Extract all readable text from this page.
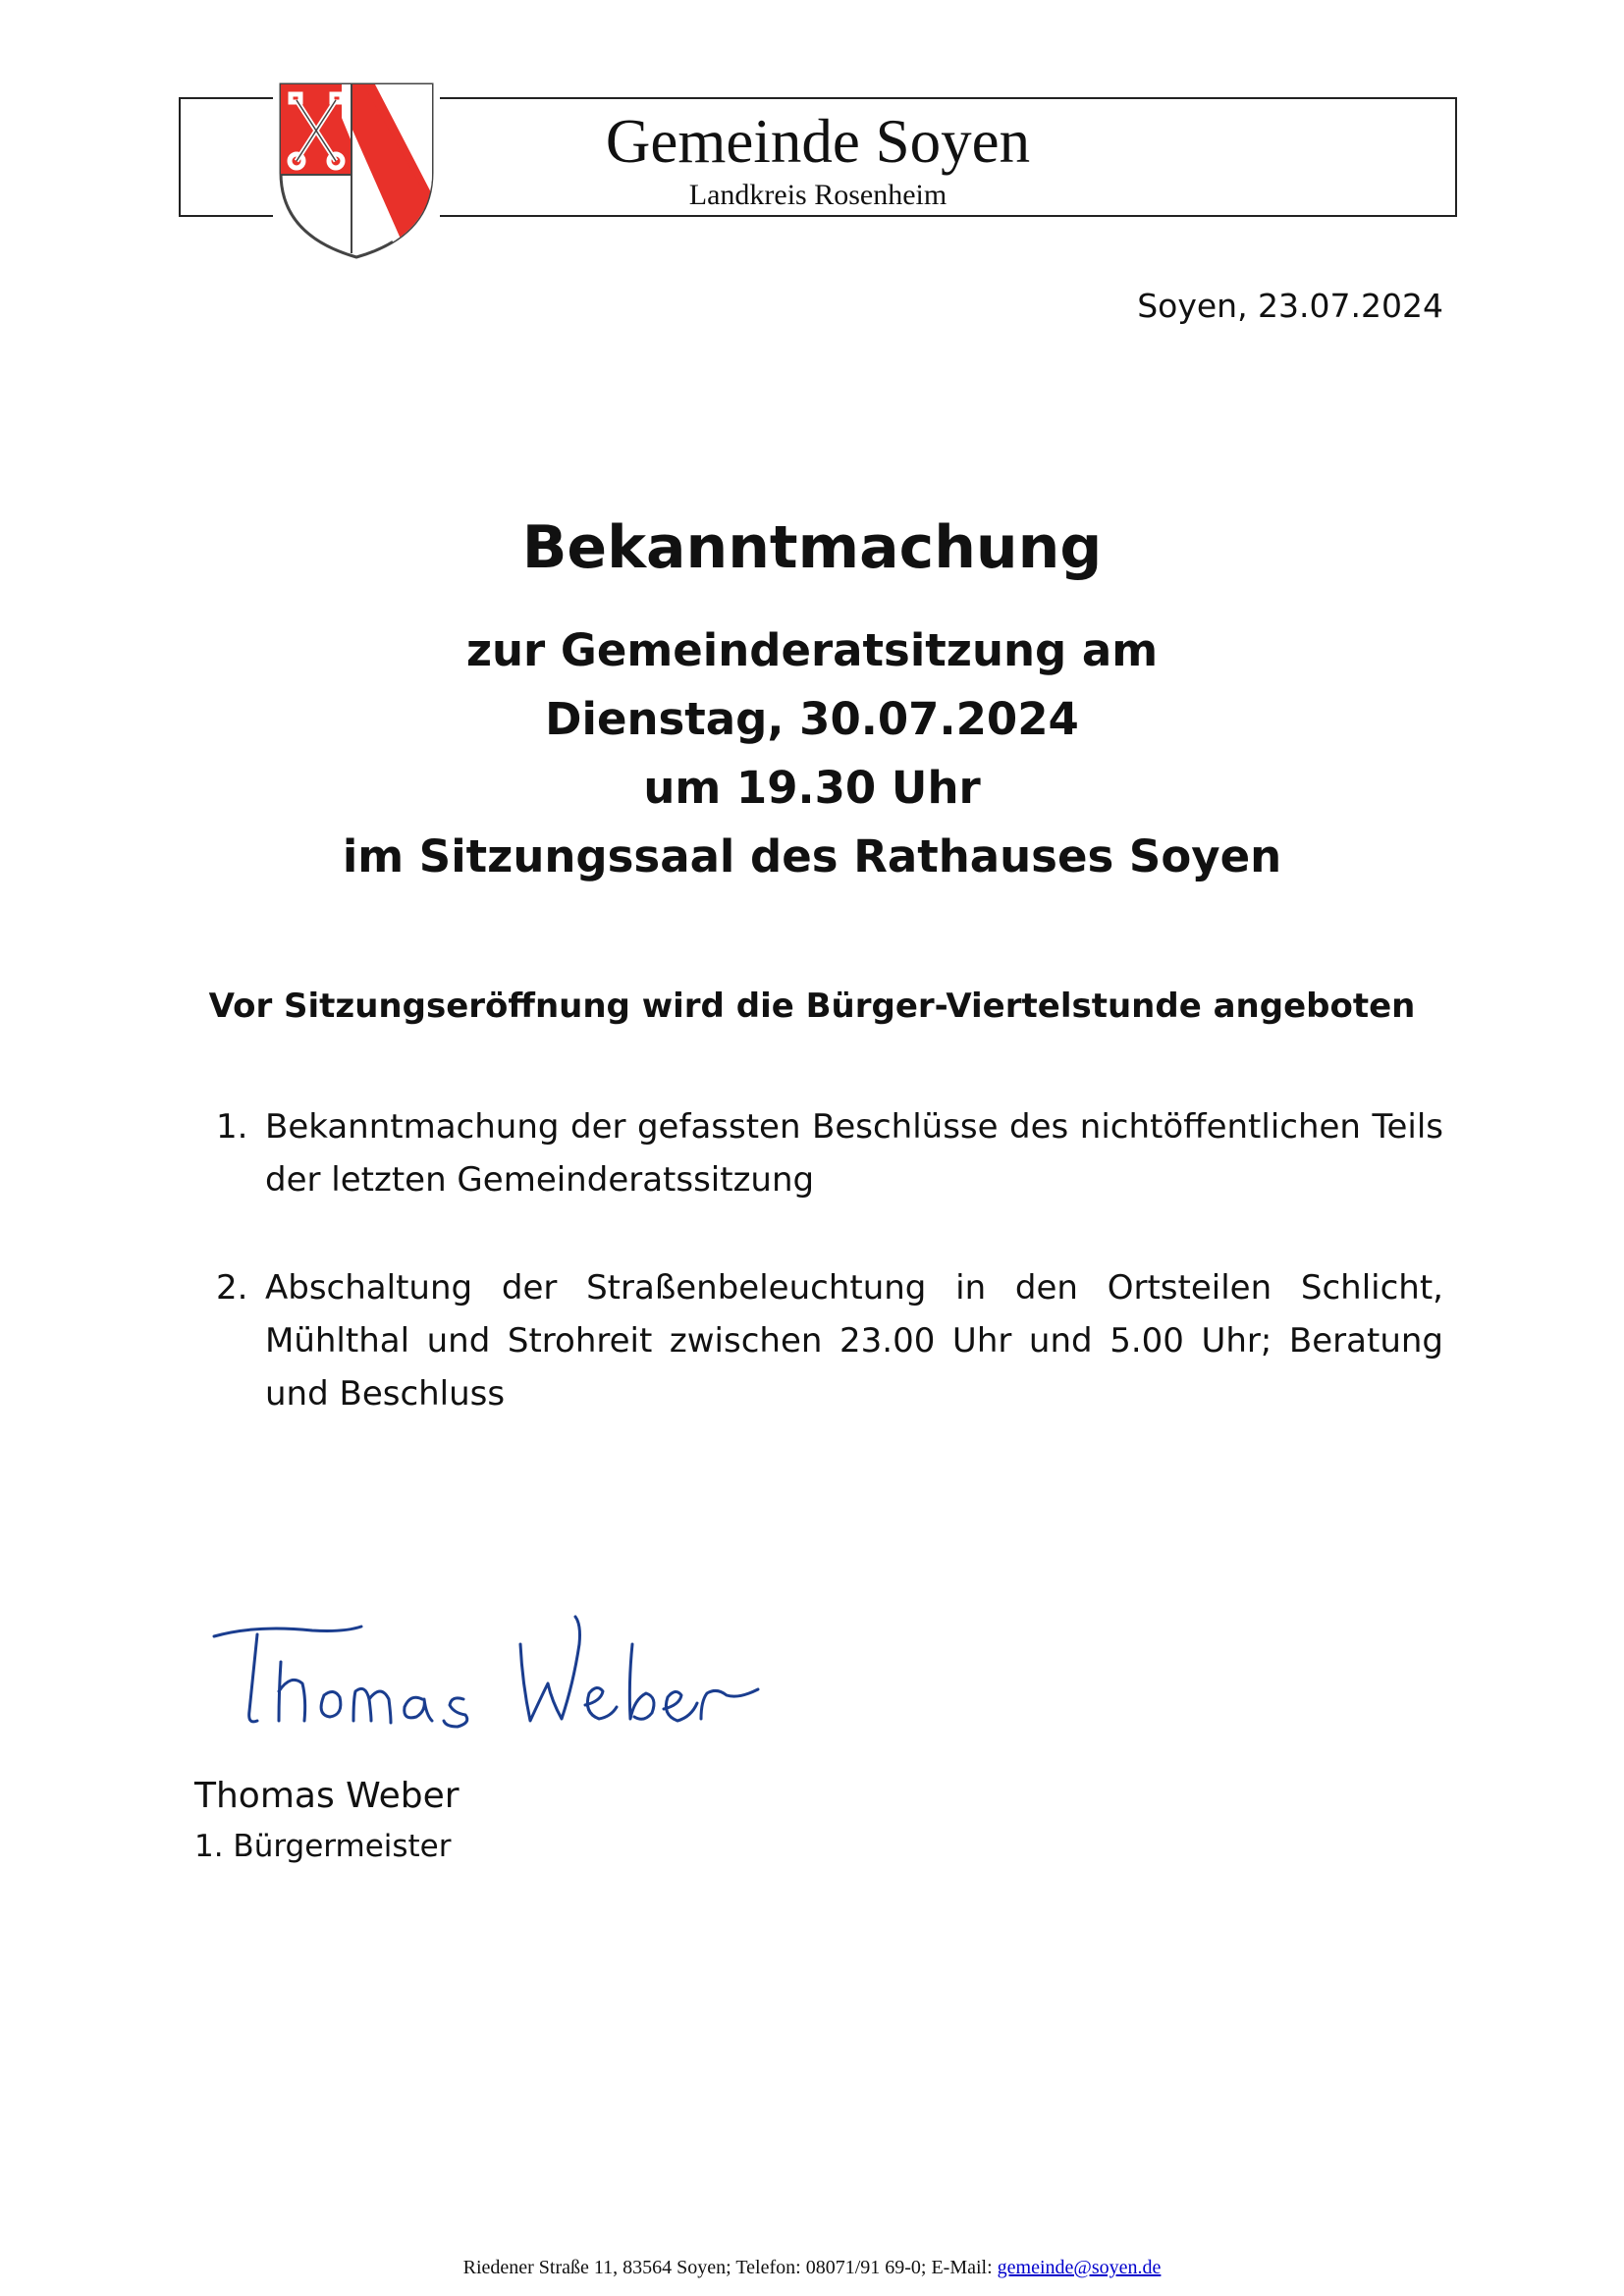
Gemeinde Soyen
Landkreis Rosenheim
Soyen, 23.07.2024
Bekanntmachung
zur Gemeinderatsitzung am
Dienstag, 30.07.2024
um 19.30 Uhr
im Sitzungssaal des Rathauses Soyen
Vor Sitzungseröffnung wird die Bürger-Viertelstunde angeboten
1. Bekanntmachung der gefassten Beschlüsse des nichtöffentlichen Teils der letzten Gemeinderatssitzung
2. Abschaltung der Straßenbeleuchtung in den Ortsteilen Schlicht, Mühlthal und Strohreit zwischen 23.00 Uhr und 5.00 Uhr; Beratung und Beschluss
Thomas Weber
1. Bürgermeister
Riedener Straße 11, 83564 Soyen; Telefon: 08071/91 69-0; E-Mail: gemeinde@soyen.de
